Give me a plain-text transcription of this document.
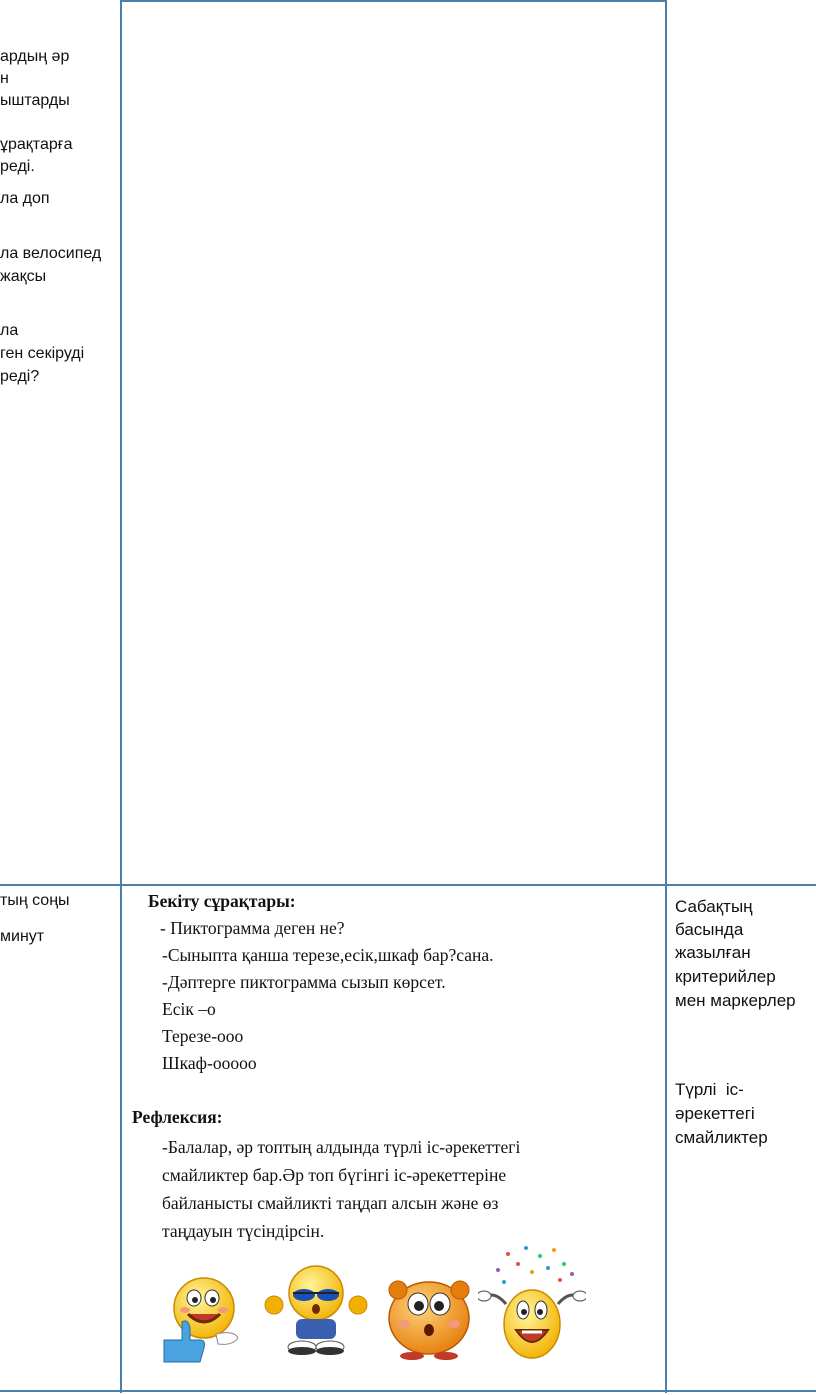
ардың әр
н
ыштарды
ұрақтарға
реді.
ла доп
ла велосипед
жақсы
ла
ген секіруді
реді?
тың соңы
минут
Бекіту сұрақтары:
- Пиктограмма деген не?
-Сыныпта қанша терезе,есік,шкаф бар?сана.
-Дәптерге пиктограмма сызып көрсет.
Есік –о
Терезе-ооо
Шкаф-ооооо
Рефлексия:
-Балалар, әр топтың алдында түрлі іс-әрекеттегі
смайликтер бар.Әр топ бүгінгі іс-әрекеттеріне
байланысты смайликті таңдап алсын және өз
таңдауын түсіндірсін.
Сабақтың
басында
жазылған
критерийлер
мен маркерлер
Түрлі  іс-
әрекеттегі
смайликтер
